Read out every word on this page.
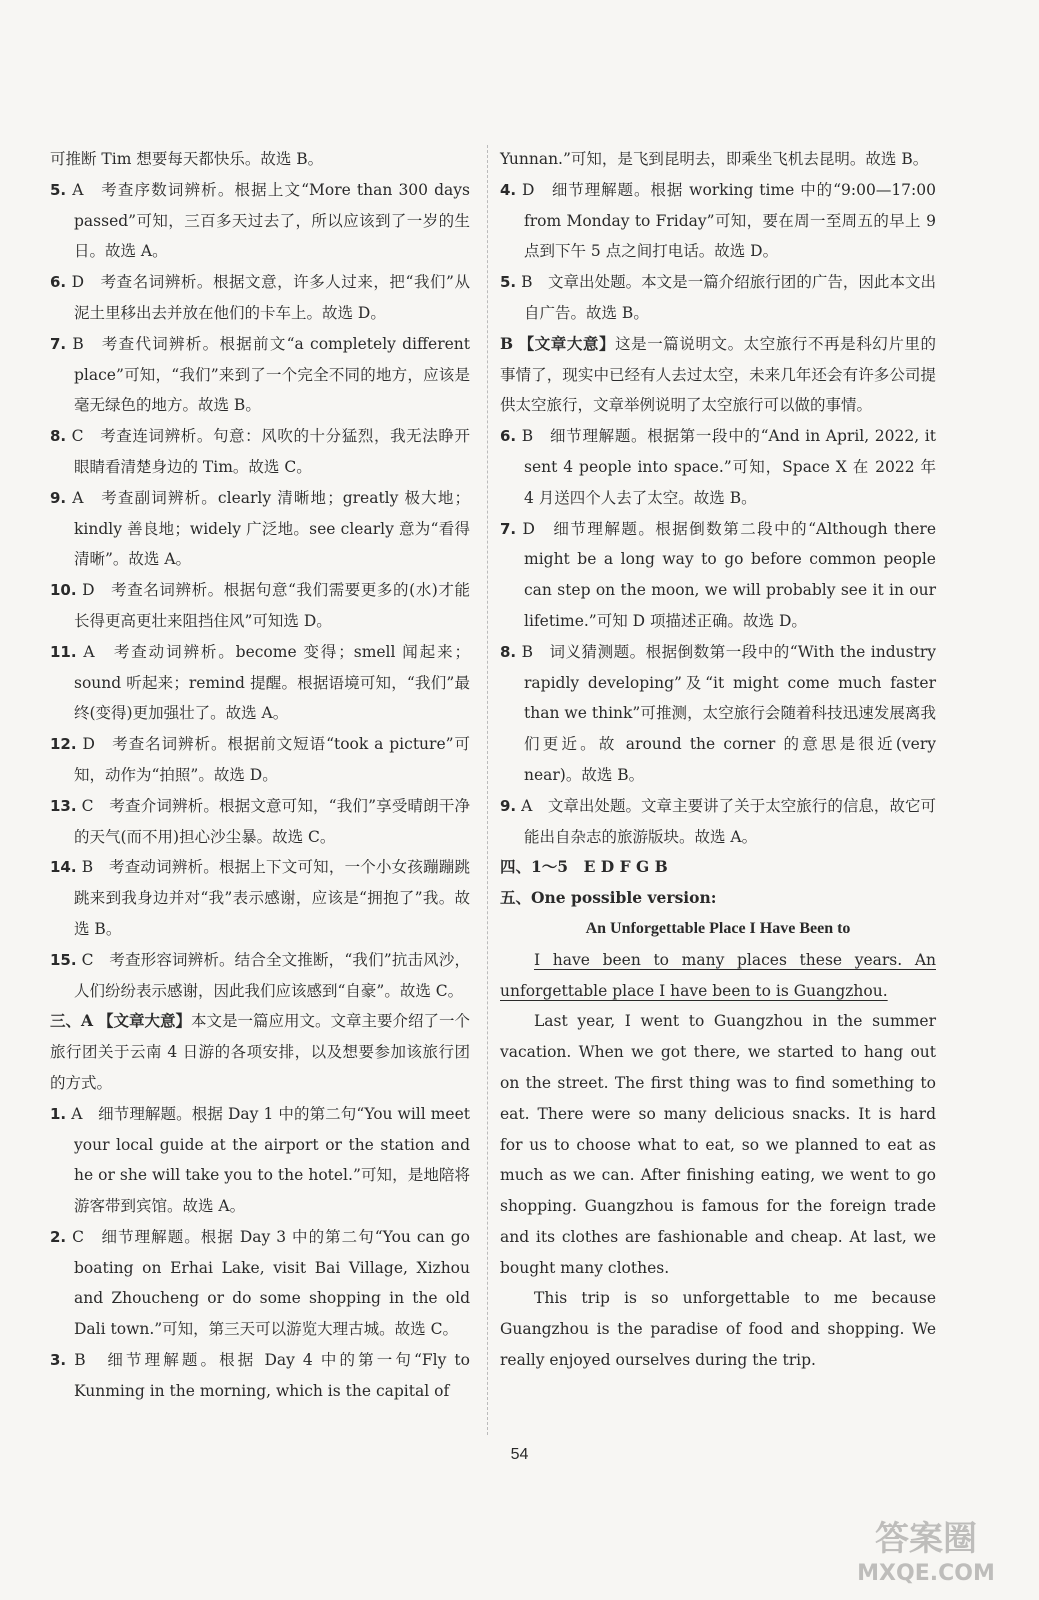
可推断 Tim 想要每天都快乐。故选 B。
5. A　考查序数词辨析。根据上文“More than 300 days passed”可知，三百多天过去了，所以应该到了一岁的生日。故选 A。
6. D　考查名词辨析。根据文意，许多人过来，把“我们”从泥土里移出去并放在他们的卡车上。故选 D。
7. B　考查代词辨析。根据前文“a completely different place”可知，“我们”来到了一个完全不同的地方，应该是毫无绿色的地方。故选 B。
8. C　考查连词辨析。句意：风吹的十分猛烈，我无法睁开眼睛看清楚身边的 Tim。故选 C。
9. A　考查副词辨析。clearly 清晰地；greatly 极大地；kindly 善良地；widely 广泛地。see clearly 意为“看得清晰”。故选 A。
10. D　考查名词辨析。根据句意“我们需要更多的(水)才能长得更高更壮来阻挡住风”可知选 D。
11. A　考查动词辨析。become 变得；smell 闻起来；sound 听起来；remind 提醒。根据语境可知，“我们”最终(变得)更加强壮了。故选 A。
12. D　考查名词辨析。根据前文短语“took a picture”可知，动作为“拍照”。故选 D。
13. C　考查介词辨析。根据文意可知，“我们”享受晴朗干净的天气(而不用)担心沙尘暴。故选 C。
14. B　考查动词辨析。根据上下文可知，一个小女孩蹦蹦跳跳来到我身边并对“我”表示感谢，应该是“拥抱了”我。故选 B。
15. C　考查形容词辨析。结合全文推断，“我们”抗击风沙，人们纷纷表示感谢，因此我们应该感到“自豪”。故选 C。
三、A 【文章大意】本文是一篇应用文。文章主要介绍了一个旅行团关于云南 4 日游的各项安排，以及想要参加该旅行团的方式。
1. A　细节理解题。根据 Day 1 中的第二句“You will meet your local guide at the airport or the station and he or she will take you to the hotel.”可知，是地陪将游客带到宾馆。故选 A。
2. C　细节理解题。根据 Day 3 中的第二句“You can go boating on Erhai Lake, visit Bai Village, Xizhou and Zhoucheng or do some shopping in the old Dali town.”可知，第三天可以游览大理古城。故选 C。
3. B　细节理解题。根据 Day 4 中的第一句“Fly to Kunming in the morning, which is the capital of
Yunnan.”可知，是飞到昆明去，即乘坐飞机去昆明。故选 B。
4. D　细节理解题。根据 working time 中的“9:00—17:00 from Monday to Friday”可知，要在周一至周五的早上 9 点到下午 5 点之间打电话。故选 D。
5. B　文章出处题。本文是一篇介绍旅行团的广告，因此本文出自广告。故选 B。
B 【文章大意】这是一篇说明文。太空旅行不再是科幻片里的事情了，现实中已经有人去过太空，未来几年还会有许多公司提供太空旅行，文章举例说明了太空旅行可以做的事情。
6. B　细节理解题。根据第一段中的“And in April, 2022, it sent 4 people into space.”可知，Space X 在 2022 年 4 月送四个人去了太空。故选 B。
7. D　细节理解题。根据倒数第二段中的“Although there might be a long way to go before common people can step on the moon, we will probably see it in our lifetime.”可知 D 项描述正确。故选 D。
8. B　词义猜测题。根据倒数第一段中的“With the industry rapidly developing”及“it might come much faster than we think”可推测，太空旅行会随着科技迅速发展离我们更近。故 around the corner 的意思是很近(very near)。故选 B。
9. A　文章出处题。文章主要讲了关于太空旅行的信息，故它可能出自杂志的旅游版块。故选 A。
四、1～5　E D F G B
五、One possible version:
An Unforgettable Place I Have Been to
I have been to many places these years. An unforgettable place I have been to is Guangzhou.
Last year, I went to Guangzhou in the summer vacation. When we got there, we started to hang out on the street. The first thing was to find something to eat. There were so many delicious snacks. It is hard for us to choose what to eat, so we planned to eat as much as we can. After finishing eating, we went to go shopping. Guangzhou is famous for the foreign trade and its clothes are fashionable and cheap. At last, we bought many clothes.
This trip is so unforgettable to me because Guangzhou is the paradise of food and shopping. We really enjoyed ourselves during the trip.
54
答案圈
MXQE.COM
